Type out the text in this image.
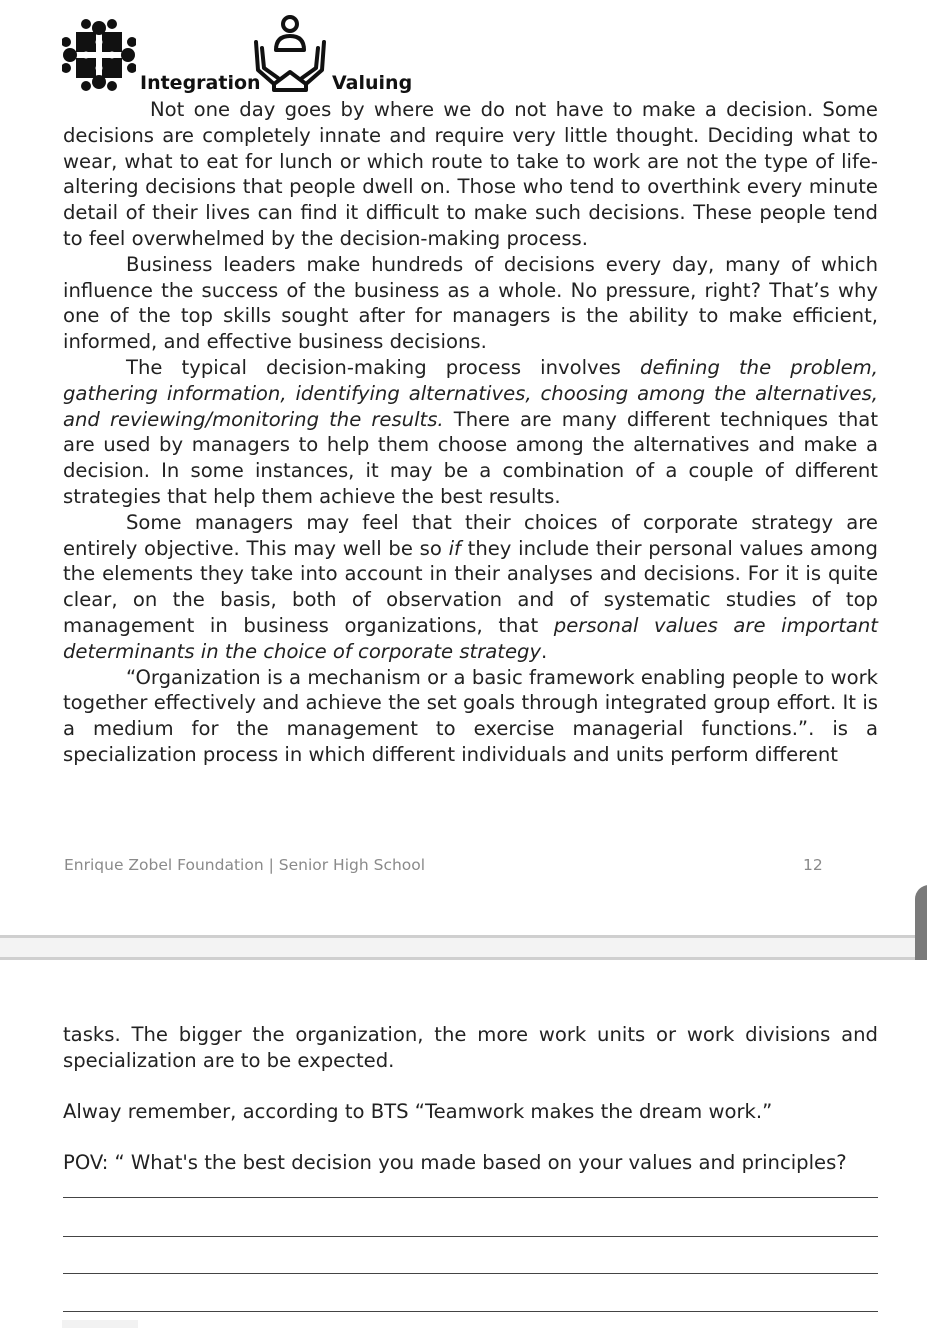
Integration	Valuing

Not one day goes by where we do not have to make a decision. Some decisions are completely innate and require very little thought. Deciding what to wear, what to eat for lunch or which route to take to work are not the type of life-altering decisions that people dwell on. Those who tend to overthink every minute detail of their lives can find it difficult to make such decisions. These people tend to feel overwhelmed by the decision-making process.

Business leaders make hundreds of decisions every day, many of which influence the success of the business as a whole. No pressure, right? That’s why one of the top skills sought after for managers is the ability to make efficient, informed, and effective business decisions.

The typical decision-making process involves defining the problem, gathering information, identifying alternatives, choosing among the alternatives, and reviewing/monitoring the results. There are many different techniques that are used by managers to help them choose among the alternatives and make a decision. In some instances, it may be a combination of a couple of different strategies that help them achieve the best results.

Some managers may feel that their choices of corporate strategy are entirely objective. This may well be so if they include their personal values among the elements they take into account in their analyses and decisions. For it is quite clear, on the basis, both of observation and of systematic studies of top management in business organizations, that personal values are important determinants in the choice of corporate strategy.

“Organization is a mechanism or a basic framework enabling people to work together effectively and achieve the set goals through integrated group effort. It is a medium for the management to exercise managerial functions.”. is a specialization process in which different individuals and units perform different

Enrique Zobel Foundation | Senior High School	12

tasks. The bigger the organization, the more work units or work divisions and specialization are to be expected.

Alway remember, according to BTS “Teamwork makes the dream work.”

POV: “ What's the best decision you made based on your values and principles?
